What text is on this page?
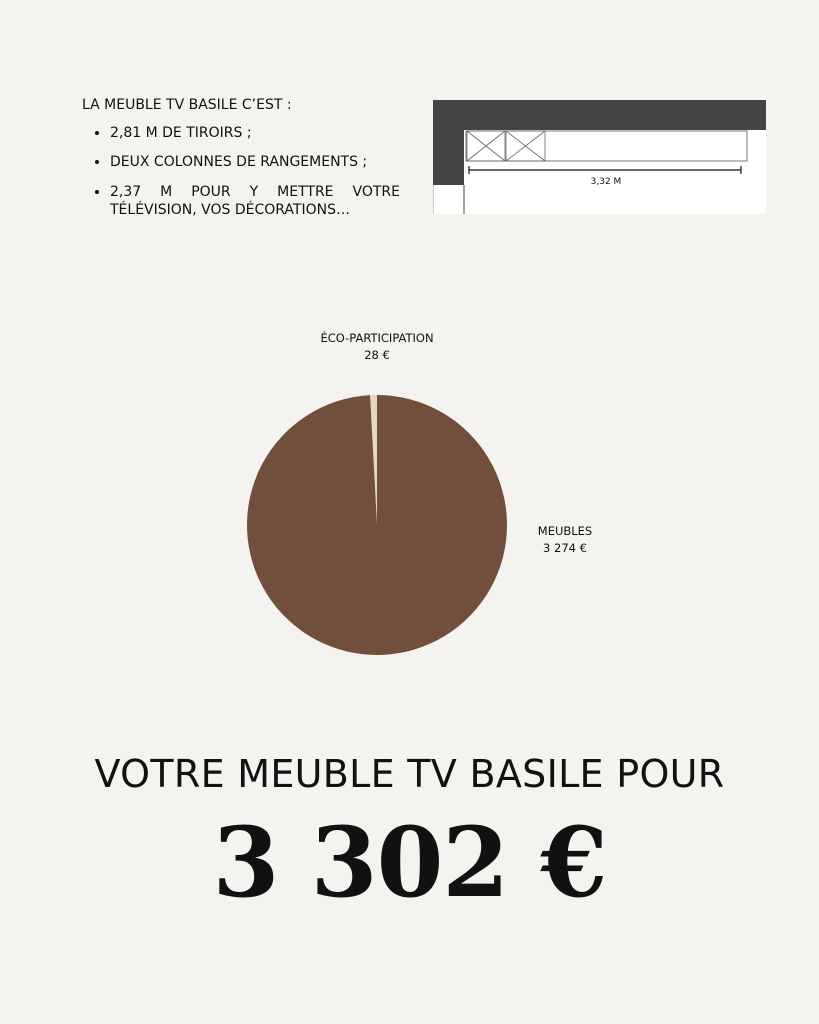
LA MEUBLE TV BASILE C’EST :

• 2,81 M DE TIROIRS ;
• DEUX COLONNES DE RANGEMENTS ;
• 2,37 M POUR Y METTRE VOTRE TÉLÉVISION, VOS DÉCORATIONS…
3,32 M
ÉCO-PARTICIPATION
28 €
MEUBLES
3 274 €
VOTRE MEUBLE TV BASILE POUR
3 302 €
